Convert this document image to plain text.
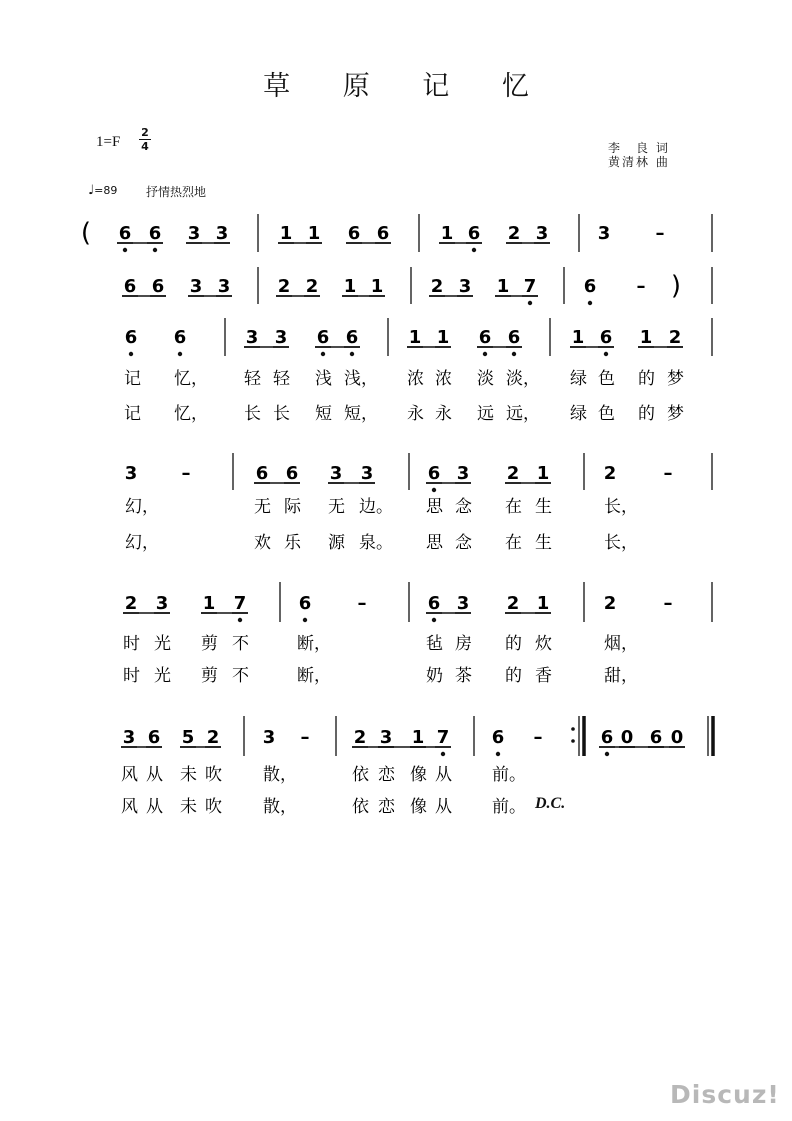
草 原 记 忆
1=F
2
4
♩=89 抒情热烈地
李　良 词
黄清林 曲
( 6 6 3 3	1 1 6 6	1 6 2 3	3	–
6 6 3 3	2 2 1 1	2 3 1 7	6 – )
6 6	3 3 6 6	1 1 6 6	1 6 1 2
记 忆， 轻 轻 浅 浅， 浓 浓 淡 淡， 绿 色 的 梦
记 忆， 长 长 短 短， 永 永 远 远， 绿 色 的 梦
3 –	6 6 3 3	6 3 2 1	2	–
幻，	无 际 无 边。 思 念 在 生	长，
幻，	欢 乐 源 泉。 思 念 在 生	长，
2 3 1 7	6	–	6 3 2 1	2	–
时 光 剪 不	断，	毡 房 的 炊	烟，
时 光 剪 不	断，	奶 茶 的 香	甜，
3 6 5 2 3 – 2 3 1 7 6 –	6 0 6 0
风 从 未 吹 散，	依 恋 像 从 前。
风 从 未 吹 散，	依 恋 像 从 前。 D.C.
Discuz!
